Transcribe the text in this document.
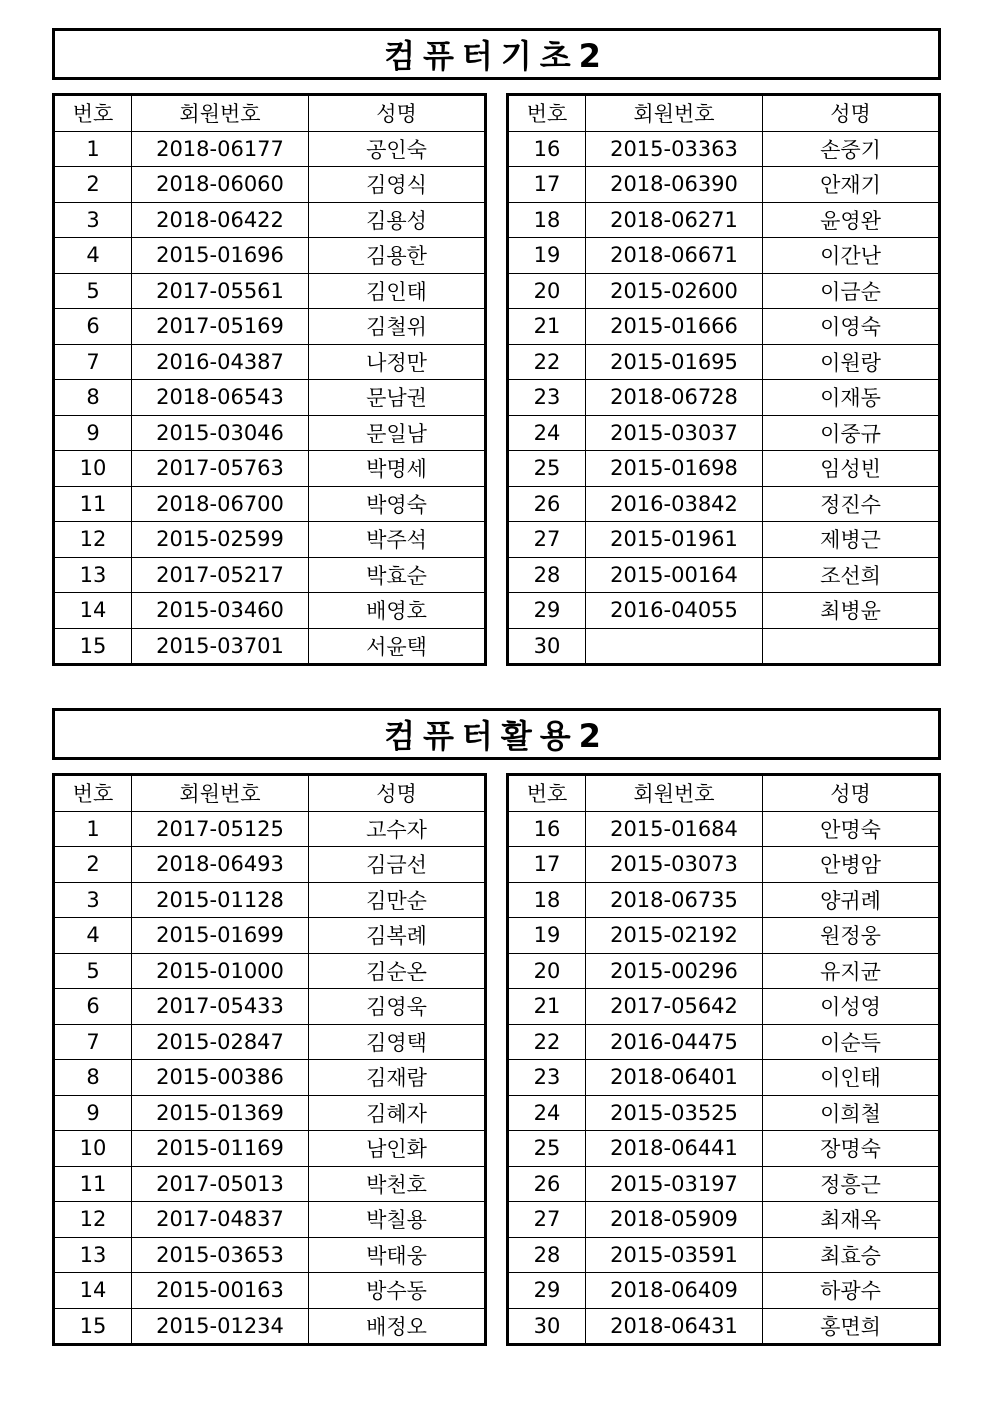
컴퓨터기초2
번호	회원번호	성명
1	2018-06177	공인숙
2	2018-06060	김영식
3	2018-06422	김용성
4	2015-01696	김용한
5	2017-05561	김인태
6	2017-05169	김철위
7	2016-04387	나정만
8	2018-06543	문남권
9	2015-03046	문일남
10	2017-05763	박명세
11	2018-06700	박영숙
12	2015-02599	박주석
13	2017-05217	박효순
14	2015-03460	배영호
15	2015-03701	서윤택
번호	회원번호	성명
16	2015-03363	손중기
17	2018-06390	안재기
18	2018-06271	윤영완
19	2018-06671	이간난
20	2015-02600	이금순
21	2015-01666	이영숙
22	2015-01695	이원랑
23	2018-06728	이재동
24	2015-03037	이중규
25	2015-01698	임성빈
26	2016-03842	정진수
27	2015-01961	제병근
28	2015-00164	조선희
29	2016-04055	최병윤
30		
컴퓨터활용2
번호	회원번호	성명
1	2017-05125	고수자
2	2018-06493	김금선
3	2015-01128	김만순
4	2015-01699	김복례
5	2015-01000	김순온
6	2017-05433	김영욱
7	2015-02847	김영택
8	2015-00386	김재람
9	2015-01369	김혜자
10	2015-01169	남인화
11	2017-05013	박천호
12	2017-04837	박칠용
13	2015-03653	박태웅
14	2015-00163	방수동
15	2015-01234	배정오
번호	회원번호	성명
16	2015-01684	안명숙
17	2015-03073	안병암
18	2018-06735	양귀례
19	2015-02192	원정웅
20	2015-00296	유지균
21	2017-05642	이성영
22	2016-04475	이순득
23	2018-06401	이인태
24	2015-03525	이희철
25	2018-06441	장명숙
26	2015-03197	정흥근
27	2018-05909	최재옥
28	2015-03591	최효승
29	2018-06409	하광수
30	2018-06431	홍면희
